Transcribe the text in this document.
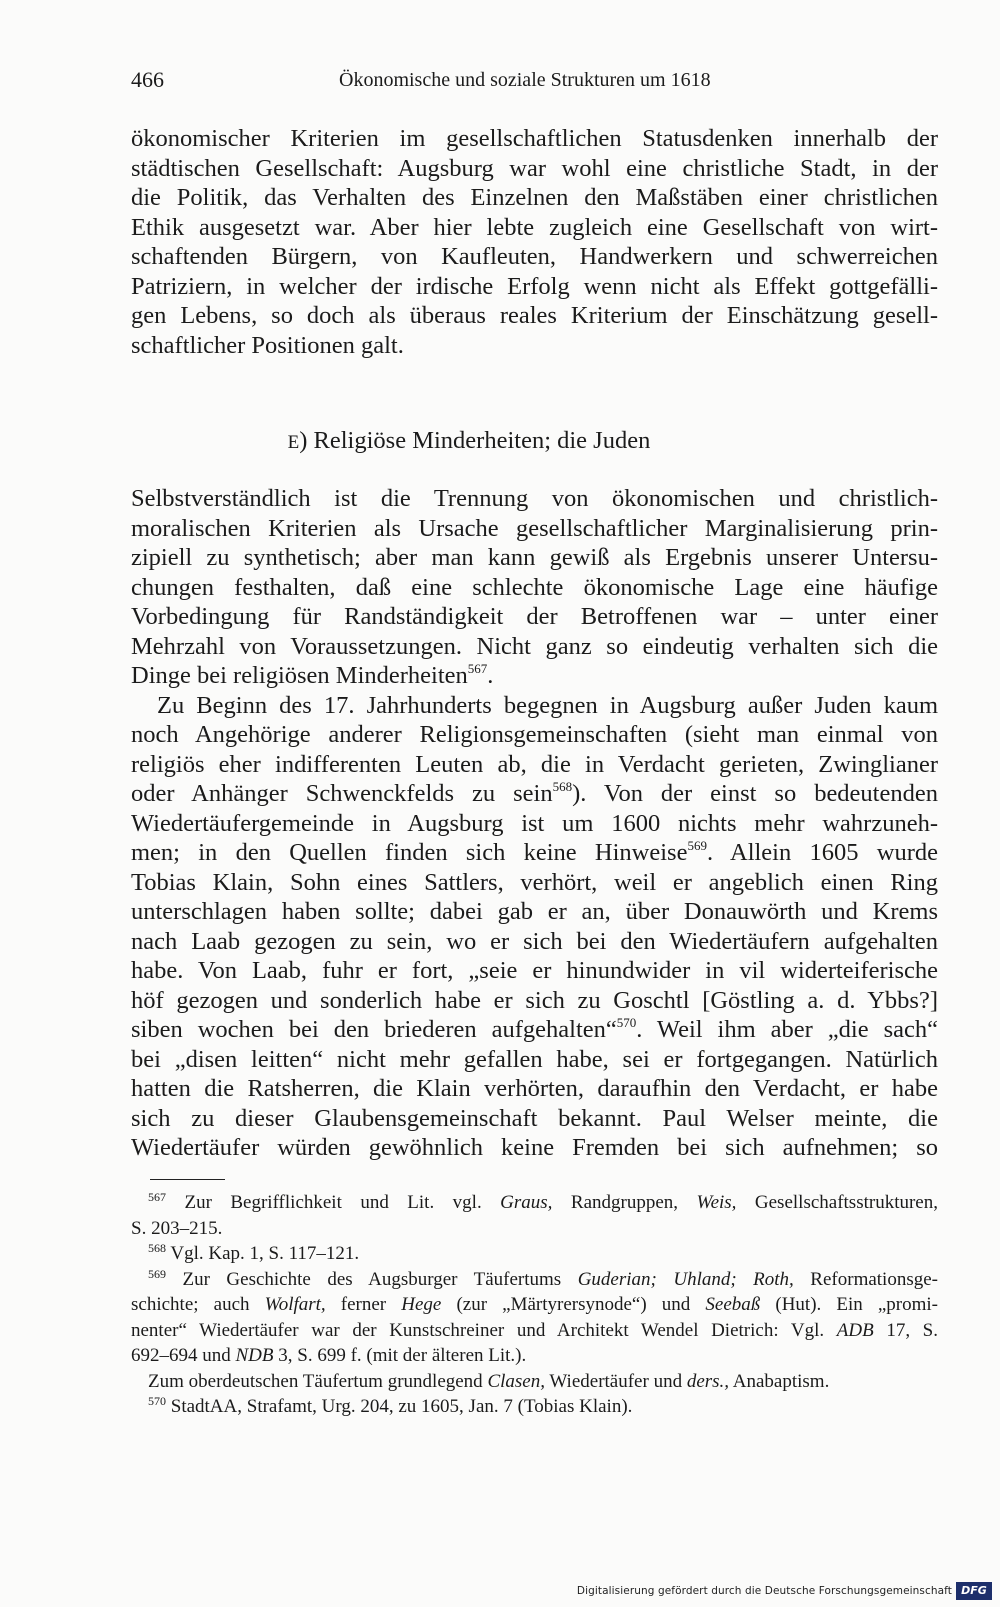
466	Ökonomische und soziale Strukturen um 1618
ökonomischer Kriterien im gesellschaftlichen Statusdenken innerhalb der
städtischen Gesellschaft: Augsburg war wohl eine christliche Stadt, in der
die Politik, das Verhalten des Einzelnen den Maßstäben einer christlichen
Ethik ausgesetzt war. Aber hier lebte zugleich eine Gesellschaft von wirt-
schaftenden Bürgern, von Kaufleuten, Handwerkern und schwerreichen
Patriziern, in welcher der irdische Erfolg wenn nicht als Effekt gottgefälli-
gen Lebens, so doch als überaus reales Kriterium der Einschätzung gesell-
schaftlicher Positionen galt.
E) Religiöse Minderheiten; die Juden
Selbstverständlich ist die Trennung von ökonomischen und christlich-
moralischen Kriterien als Ursache gesellschaftlicher Marginalisierung prin-
zipiell zu synthetisch; aber man kann gewiß als Ergebnis unserer Untersu-
chungen festhalten, daß eine schlechte ökonomische Lage eine häufige
Vorbedingung für Randständigkeit der Betroffenen war – unter einer
Mehrzahl von Voraussetzungen. Nicht ganz so eindeutig verhalten sich die
Dinge bei religiösen Minderheiten$^{567}$.
Zu Beginn des 17. Jahrhunderts begegnen in Augsburg außer Juden kaum
noch Angehörige anderer Religionsgemeinschaften (sieht man einmal von
religiös eher indifferenten Leuten ab, die in Verdacht gerieten, Zwinglianer
oder Anhänger Schwenckfelds zu sein$^{568}$). Von der einst so bedeutenden
Wiedertäufergemeinde in Augsburg ist um 1600 nichts mehr wahrzuneh-
men; in den Quellen finden sich keine Hinweise$^{569}$. Allein 1605 wurde
Tobias Klain, Sohn eines Sattlers, verhört, weil er angeblich einen Ring
unterschlagen haben sollte; dabei gab er an, über Donauwörth und Krems
nach Laab gezogen zu sein, wo er sich bei den Wiedertäufern aufgehalten
habe. Von Laab, fuhr er fort, „seie er hinundwider in vil widerteiferische
höf gezogen und sonderlich habe er sich zu Goschtl [Göstling a. d. Ybbs?]
siben wochen bei den briederen aufgehalten“$^{570}$. Weil ihm aber „die sach“
bei „disen leitten“ nicht mehr gefallen habe, sei er fortgegangen. Natürlich
hatten die Ratsherren, die Klain verhörten, daraufhin den Verdacht, er habe
sich zu dieser Glaubensgemeinschaft bekannt. Paul Welser meinte, die
Wiedertäufer würden gewöhnlich keine Fremden bei sich aufnehmen; so
$^{567}$ Zur Begrifflichkeit und Lit. vgl. Graus, Randgruppen, Weis, Gesellschaftsstrukturen,
S. 203–215.
$^{568}$ Vgl. Kap. 1, S. 117–121.
$^{569}$ Zur Geschichte des Augsburger Täufertums Guderian; Uhland; Roth, Reformationsge-
schichte; auch Wolfart, ferner Hege (zur „Märtyrersynode“) und Seebaß (Hut). Ein „promi-
nenter“ Wiedertäufer war der Kunstschreiner und Architekt Wendel Dietrich: Vgl. ADB 17, S.
692–694 und NDB 3, S. 699 f. (mit der älteren Lit.).
Zum oberdeutschen Täufertum grundlegend Clasen, Wiedertäufer und ders., Anabaptism.
$^{570}$ StadtAA, Strafamt, Urg. 204, zu 1605, Jan. 7 (Tobias Klain).
Digitalisierung gefördert durch die Deutsche Forschungsgemeinschaft DFG
